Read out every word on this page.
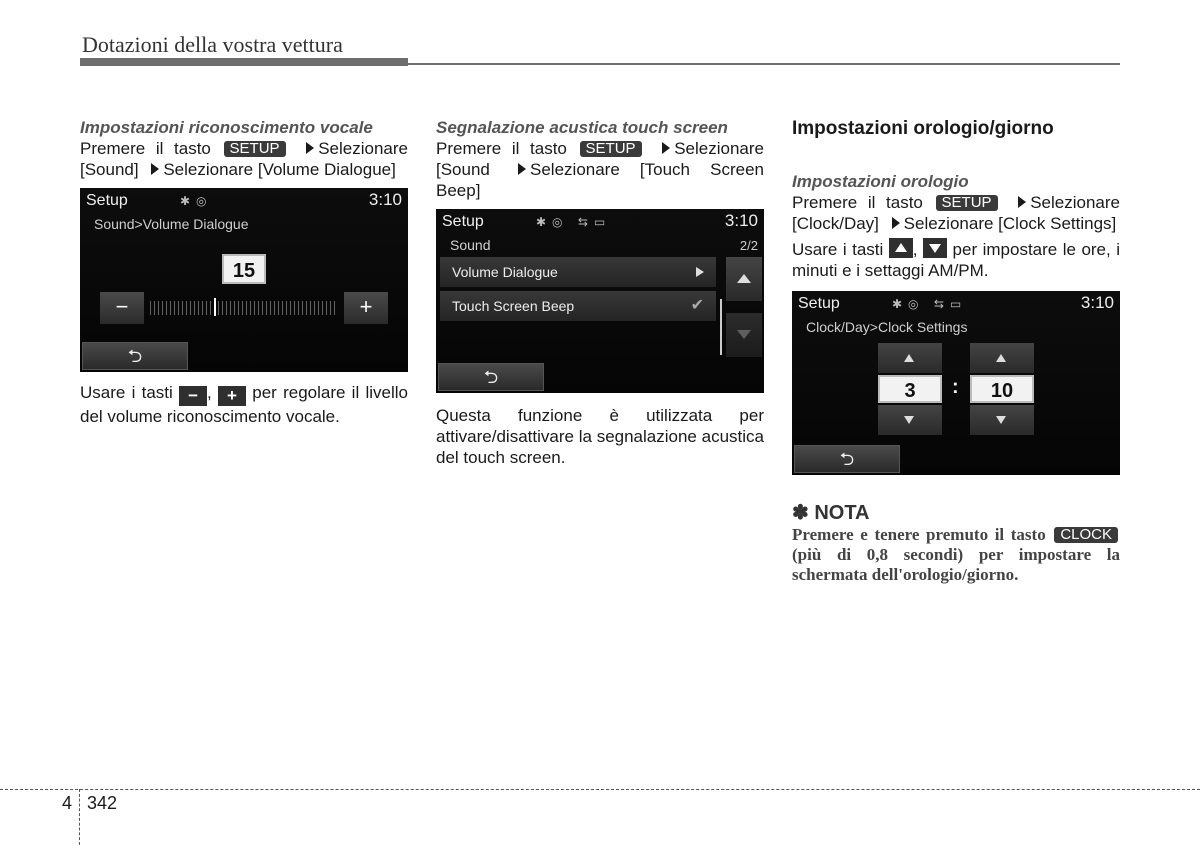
Dotazioni della vostra vettura
Impostazioni riconoscimento vocale
Premere il tasto SETUP Selezionare [Sound] Selezionare [Volume Dialogue]
Setup	✱◎	3:10
Sound>Volume Dialogue
15
−	+
⮌
Usare i tasti − , + per regolare il livello del volume riconoscimento vocale.
Segnalazione acustica touch screen
Premere il tasto SETUP Selezionare [Sound Selezionare [Touch Screen Beep]
Setup	✱◎ ⇆▭	3:10
Sound	2/2
Volume Dialogue
Touch Screen Beep	✔
⮌
Questa funzione è utilizzata per attivare/disattivare la segnalazione acustica del touch screen.
Impostazioni orologio/giorno
Impostazioni orologio
Premere il tasto SETUP Selezionare [Clock/Day] Selezionare [Clock Settings]
Usare i tasti , per impostare le ore, i minuti e i settaggi AM/PM.
Setup	✱◎ ⇆▭	3:10
Clock/Day>Clock Settings
3	:	10
⮌
✽ NOTA
Premere e tenere premuto il tasto CLOCK (più di 0,8 secondi) per impostare la schermata dell'orologio/giorno.
4 342
